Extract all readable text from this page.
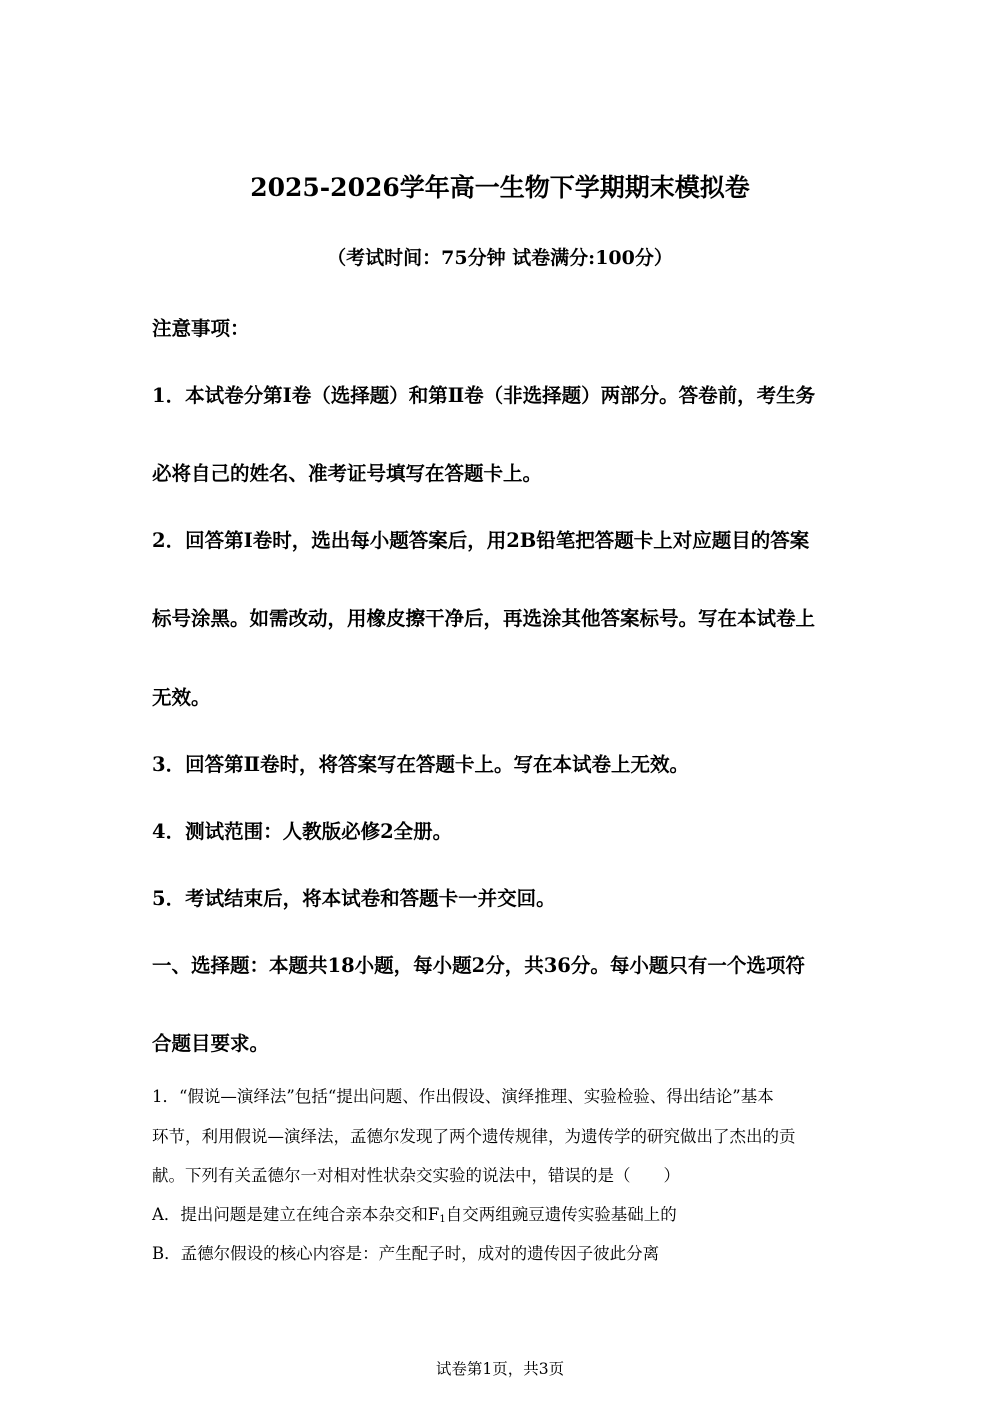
2025-2026学年高一生物下学期期末模拟卷
（考试时间：75分钟 试卷满分:100分）
注意事项：
1．本试卷分第Ⅰ卷（选择题）和第Ⅱ卷（非选择题）两部分。答卷前，考生务
必将自己的姓名、准考证号填写在答题卡上。
2．回答第Ⅰ卷时，选出每小题答案后，用2B铅笔把答题卡上对应题目的答案
标号涂黑。如需改动，用橡皮擦干净后，再选涂其他答案标号。写在本试卷上
无效。
3．回答第Ⅱ卷时，将答案写在答题卡上。写在本试卷上无效。
4．测试范围：人教版必修2全册。
5．考试结束后，将本试卷和答题卡一并交回。
一、选择题：本题共18小题，每小题2分，共36分。每小题只有一个选项符
合题目要求。
1．“假说—演绎法”包括“提出问题、作出假设、演绎推理、实验检验、得出结论”基本
环节，利用假说—演绎法，孟德尔发现了两个遗传规律，为遗传学的研究做出了杰出的贡
献。下列有关孟德尔一对相对性状杂交实验的说法中，错误的是（　　）
A．提出问题是建立在纯合亲本杂交和$F_1$自交两组豌豆遗传实验基础上的
B．孟德尔假设的核心内容是：产生配子时，成对的遗传因子彼此分离
试卷第1页，共3页
